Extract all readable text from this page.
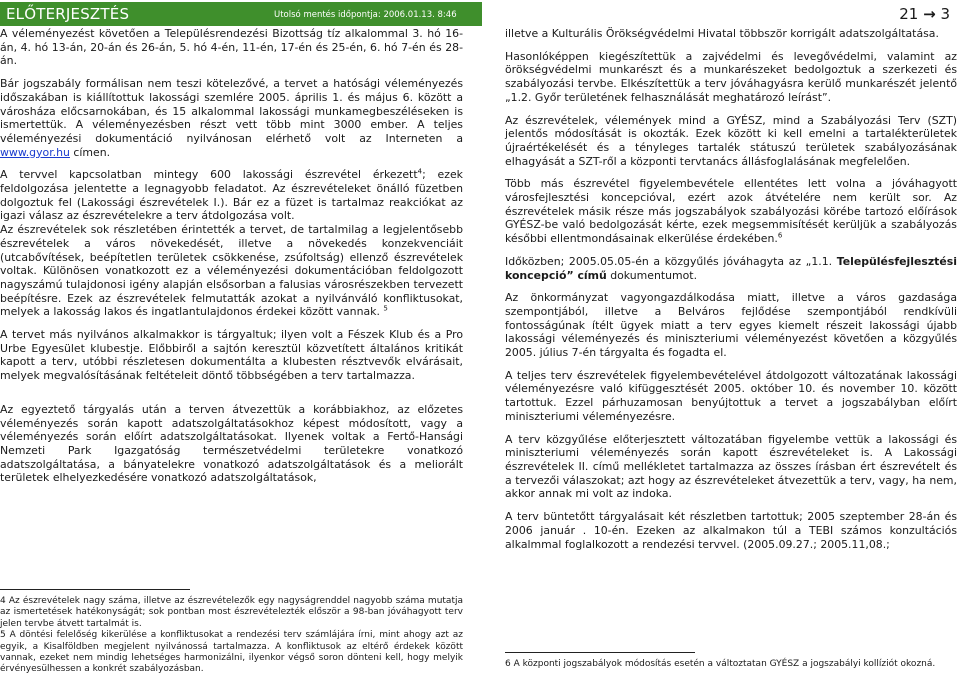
ELŐTERJESZTÉS	Utolsó mentés időpontja: 2006.01.13. 8:46	21 → 3

A véleményezést követően a Településrendezési Bizottság tíz alkalommal 3. hó 16-án, 4. hó 13-án, 20-án és 26-án, 5. hó 4-én, 11-én, 17-én és 25-én, 6. hó 7-én és 28-án.

Bár jogszabály formálisan nem teszi kötelezővé, a tervet a hatósági véleményezés időszakában is kiállítottuk lakossági szemlére 2005. április 1. és május 6. között a városháza előcsarnokában, és 15 alkalommal lakossági munkamegbeszéléseken is ismertettük. A véleményezésben részt vett több mint 3000 ember. A teljes véleményezési dokumentáció nyilvánosan elérhető volt az Interneten a www.gyor.hu címen.

A tervvel kapcsolatban mintegy 600 lakossági észrevétel érkezett$^4$; ezek feldolgozása jelentette a legnagyobb feladatot. Az észrevételeket önálló füzetben dolgoztuk fel (Lakossági észrevételek I.). Bár ez a füzet is tartalmaz reakciókat az igazi válasz az észrevételekre a terv átdolgozása volt.

Az észrevételek sok részletében érintették a tervet, de tartalmilag a legjelentősebb észrevételek a város növekedését, illetve a növekedés konzekvenciáit (utcabővítések, beépítetlen területek csökkenése, zsúfoltság) ellenző észrevételek voltak. Különösen vonatkozott ez a véleményezési dokumentációban feldolgozott nagyszámú tulajdonosi igény alapján elsősorban a falusias városrészekben tervezett beépítésre. Ezek az észrevételek felmutatták azokat a nyilvánváló konfliktusokat, melyek a lakosság lakos és ingatlantulajdonos érdekei között vannak. $^5$

A tervet más nyilvános alkalmakkor is tárgyaltuk; ilyen volt a Fészek Klub és a Pro Urbe Egyesület klubestje. Előbbiről a sajtón keresztül közvetített általános kritikát kapott a terv, utóbbi részletesen dokumentálta a klubesten résztvevők elvárásait, melyek megvalósításának feltételeit döntő többségében a terv tartalmazza.

Az egyeztető tárgyalás után a terven átvezettük a korábbiakhoz, az előzetes véleményezés során kapott adatszolgáltatásokhoz képest módosított, vagy a véleményezés során előírt adatszolgáltatásokat. Ilyenek voltak a Fertő-Hansági Nemzeti Park Igazgatóság természetvédelmi területekre vonatkozó adatszolgáltatása, a bányatelekre vonatkozó adatszolgáltatások és a meliorált területek elhelyezkedésére vonatkozó adatszolgáltatások,

4 Az észrevételek nagy száma, illetve az észrevételezők egy nagyságrenddel nagyobb száma mutatja az ismertetések hatékonyságát; sok pontban most észrevételezték először a 98-ban jóváhagyott terv jelen tervbe átvett tartalmát is.

5 A döntési felelőség kikerülése a konfliktusokat a rendezési terv számlájára írni, mint ahogy azt az egyik, a Kisalföldben megjelent nyilvánossá tartalmazza. A konfliktusok az eltérő érdekek között vannak, ezeket nem mindig lehetséges harmonizálni, ilyenkor végső soron dönteni kell, hogy melyik érvényesülhessen a konkrét szabályozásban.

illetve a Kulturális Örökségvédelmi Hivatal többször korrigált adatszolgáltatása.

Hasonlóképpen kiegészítettük a zajvédelmi és levegővédelmi, valamint az örökségvédelmi munkarészt és a munkarészeket bedolgoztuk a szerkezeti és szabályozási tervbe. Elkészítettük a terv jóváhagyásra kerülő munkarészét jelentő „1.2. Győr területének felhasználását meghatározó leírást”.

Az észrevételek, vélemények mind a GYÉSZ, mind a Szabályozási Terv (SZT) jelentős módosítását is okozták. Ezek között ki kell emelni a tartalékterületek újraértékelését és a tényleges tartalék státuszú területek szabályozásának elhagyását a SZT-ről a központi tervtanács állásfoglalásának megfelelően.

Több más észrevétel figyelembevétele ellentétes lett volna a jóváhagyott városfejlesztési koncepcióval, ezért azok átvételére nem került sor. Az észrevételek másik része más jogszabályok szabályozási körébe tartozó előírások GYÉSZ-be való bedolgozását kérte, ezek megsemmisítését kerüljük a szabályozás későbbi ellentmondásainak elkerülése érdekében.$^6$

Időközben; 2005.05.05-én a közgyűlés jóváhagyta az „1.1. Településfejlesztési koncepció” című dokumentumot.

Az önkormányzat vagyongazdálkodása miatt, illetve a város gazdasága szempontjából, illetve a Belváros fejlődése szempontjából rendkívüli fontosságúnak ítélt ügyek miatt a terv egyes kiemelt részeit lakossági újabb lakossági véleményezés és miniszteriumi véleményezést követően a közgyűlés 2005. július 7-én tárgyalta és fogadta el.

A teljes terv észrevételek figyelembevételével átdolgozott változatának lakossági véleményezésre való kifüggesztését 2005. október 10. és november 10. között tartottuk. Ezzel párhuzamosan benyújtottuk a tervet a jogszabályban előírt miniszteriumi véleményezésre.

A terv közgyűlése előterjesztett változatában figyelembe vettük a lakossági és miniszteriumi véleményezés során kapott észrevételeket is. A Lakossági észrevételek II. című mellékletet tartalmazza az összes írásban ért észrevételt és a tervezői válaszokat; azt hogy az észrevételeket átvezettük a terv, vagy, ha nem, akkor annak mi volt az indoka.

A terv büntetőtt tárgyalásait két részletben tartottuk; 2005 szeptember 28-án és 2006 január . 10-én. Ezeken az alkalmakon túl a TEBI számos konzultációs alkalmmal foglalkozott a rendezési tervvel. (2005.09.27.; 2005.11,08.;

6 A központi jogszabályok módosítás esetén a változtatan GYÉSZ a jogszabályi kollíziót okozná.
